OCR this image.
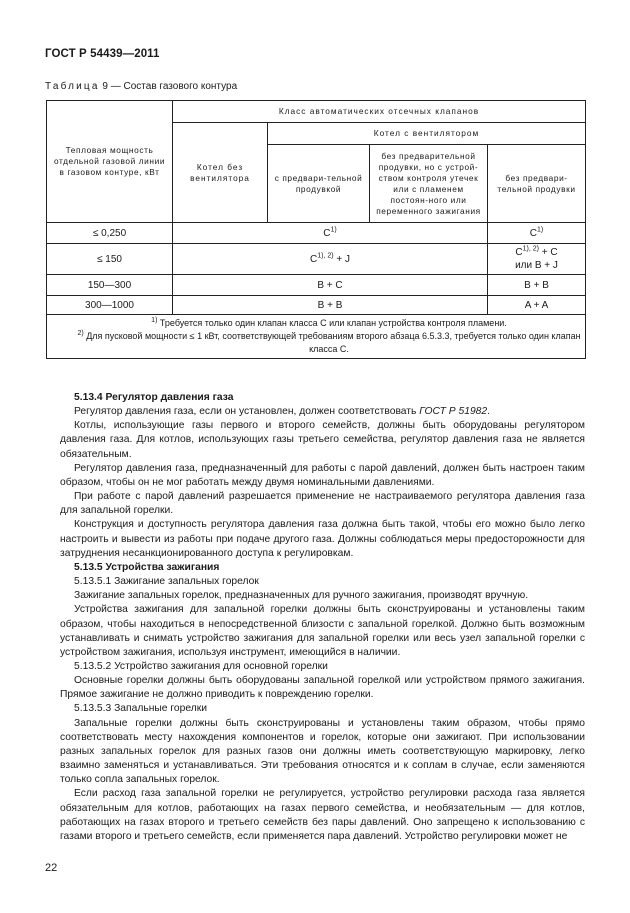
ГОСТ Р 54439—2011
Таблица 9 — Состав газового контура
Тепловая мощность отдельной газовой линии в газовом контуре, кВт	Класс автоматических отсечных клапанов			
	Котел без вентилятора	Котел с вентилятором		
		с предвари-тельной продувкой	без предварительной продувки, но с устрой-ством контроля утечек или с пламенем постоян-ного или переменного зажигания	без предвари-тельной продувки
≤ 0,250	$C^{1)}$			$C^{1)}$
≤ 150	$C^{1), 2)} + J$			$C^{1), 2)} + C$
или B + J
150—300	B + C			B + B
300—1000	B + B			A + A

$^{1)}$ Требуется только один клапан класса С или клапан устройства контроля пламени.
$^{2)}$ Для пусковой мощности ≤ 1 кВт, соответствующей требованиям второго абзаца 6.5.3.3, требуется только один клапан класса С.				

5.13.4 Регулятор давления газа

Регулятор давления газа, если он установлен, должен соответствовать ГОСТ Р 51982.

Котлы, использующие газы первого и второго семейств, должны быть оборудованы регулятором давления газа. Для котлов, использующих газы третьего семейства, регулятор давления газа не является обязательным.

Регулятор давления газа, предназначенный для работы с парой давлений, должен быть настроен таким образом, чтобы он не мог работать между двумя номинальными давлениями.

При работе с парой давлений разрешается применение не настраиваемого регулятора давления газа для запальной горелки.

Конструкция и доступность регулятора давления газа должна быть такой, чтобы его можно было легко настроить и вывести из работы при подаче другого газа. Должны соблюдаться меры предосторожности для затруднения несанкционированного доступа к регулировкам.

5.13.5 Устройства зажигания

5.13.5.1 Зажигание запальных горелок

Зажигание запальных горелок, предназначенных для ручного зажигания, производят вручную.

Устройства зажигания для запальной горелки должны быть сконструированы и установлены таким образом, чтобы находиться в непосредственной близости с запальной горелкой. Должно быть возможным устанавливать и снимать устройство зажигания для запальной горелки или весь узел запальной горелки с устройством зажигания, используя инструмент, имеющийся в наличии.

5.13.5.2 Устройство зажигания для основной горелки

Основные горелки должны быть оборудованы запальной горелкой или устройством прямого зажигания. Прямое зажигание не должно приводить к повреждению горелки.

5.13.5.3 Запальные горелки

Запальные горелки должны быть сконструированы и установлены таким образом, чтобы прямо соответствовать месту нахождения компонентов и горелок, которые они зажигают. При использовании разных запальных горелок для разных газов они должны иметь соответствующую маркировку, легко взаимно заменяться и устанавливаться. Эти требования относятся и к соплам в случае, если заменяются только сопла запальных горелок.

Если расход газа запальной горелки не регулируется, устройство регулировки расхода газа является обязательным для котлов, работающих на газах первого семейства, и необязательным — для котлов, работающих на газах второго и третьего семейств без пары давлений. Оно запрещено к использованию с газами второго и третьего семейств, если применяется пара давлений. Устройство регулировки может не

22
